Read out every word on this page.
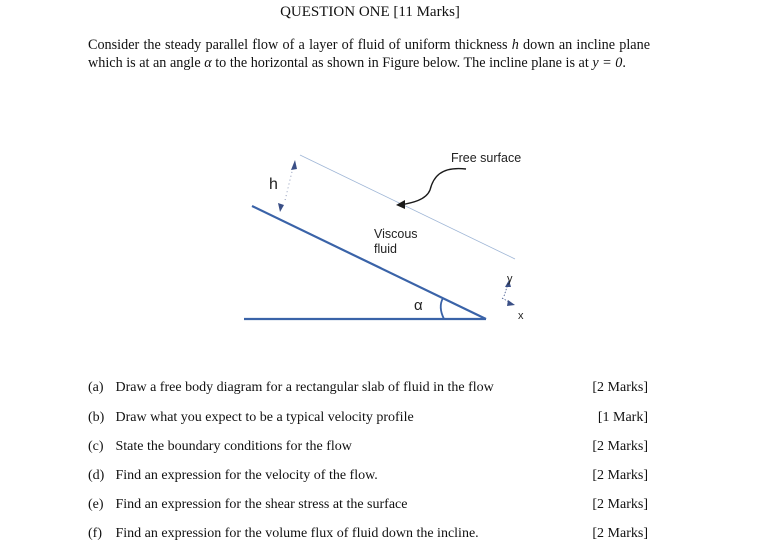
QUESTION ONE [11 Marks]
Consider the steady parallel flow of a layer of fluid of uniform thickness h down an incline plane which is at an angle α to the horizontal as shown in Figure below. The incline plane is at y = 0.
Free surface
h
Viscous
fluid
α
y
x
(a) Draw a free body diagram for a rectangular slab of fluid in the flow	[2 Marks]
(b) Draw what you expect to be a typical velocity profile	[1 Mark]
(c) State the boundary conditions for the flow	[2 Marks]
(d) Find an expression for the velocity of the flow.	[2 Marks]
(e) Find an expression for the shear stress at the surface	[2 Marks]
(f) Find an expression for the volume flux of fluid down the incline.	[2 Marks]
